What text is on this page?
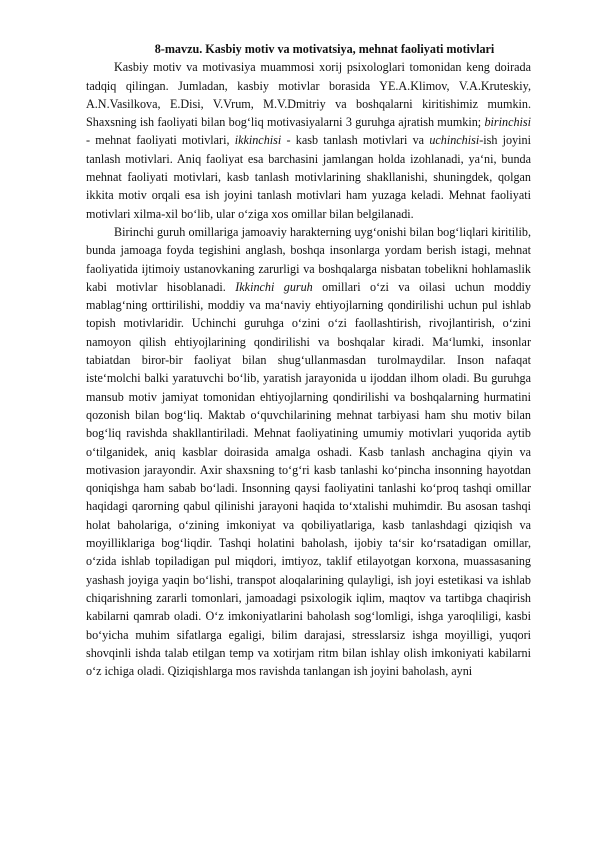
8-mavzu. Kasbiy motiv va motivatsiya, mehnat faoliyati motivlari

Kasbiy motiv va motivasiya muammosi xorij psixologlari tomonidan keng doirada tadqiq qilingan. Jumladan, kasbiy motivlar borasida YE.A.Klimov, V.A.Kruteskiy, A.N.Vasilkova, E.Disi, V.Vrum, M.V.Dmitriy va boshqalarni kiritishimiz mumkin. Shaxsning ish faoliyati bilan bog‘liq motivasiyalarni 3 guruhga ajratish mumkin; birinchisi - mehnat faoliyati motivlari, ikkinchisi - kasb tanlash motivlari va uchinchisi-ish joyini tanlash motivlari. Aniq faoliyat esa barchasini jamlangan holda izohlanadi, ya‘ni, bunda mehnat faoliyati motivlari, kasb tanlash motivlarining shakllanishi, shuningdek, qolgan ikkita motiv orqali esa ish joyini tanlash motivlari ham yuzaga keladi. Mehnat faoliyati motivlari xilma-xil bo‘lib, ular o‘ziga xos omillar bilan belgilanadi.

Birinchi guruh omillariga jamoaviy harakterning uyg‘onishi bilan bog‘liqlari kiritilib, bunda jamoaga foyda tegishini anglash, boshqa insonlarga yordam berish istagi, mehnat faoliyatida ijtimoiy ustanovkaning zarurligi va boshqalarga nisbatan tobelikni hohlamaslik kabi motivlar hisoblanadi. Ikkinchi guruh omillari o‘zi va oilasi uchun moddiy mablag‘ning orttirilishi, moddiy va ma‘naviy ehtiyojlarning qondirilishi uchun pul ishlab topish motivlaridir. Uchinchi guruhga o‘zini o‘zi faollashtirish, rivojlantirish, o‘zini namoyon qilish ehtiyojlarining qondirilishi va boshqalar kiradi. Ma‘lumki, insonlar tabiatdan biror-bir faoliyat bilan shug‘ullanmasdan turolmaydilar. Inson nafaqat iste‘molchi balki yaratuvchi bo‘lib, yaratish jarayonida u ijoddan ilhom oladi. Bu guruhga mansub motiv jamiyat tomonidan ehtiyojlarning qondirilishi va boshqalarning hurmatini qozonish bilan bog‘liq. Maktab o‘quvchilarining mehnat tarbiyasi ham shu motiv bilan bog‘liq ravishda shakllantiriladi. Mehnat faoliyatining umumiy motivlari yuqorida aytib o‘tilganidek, aniq kasblar doirasida amalga oshadi. Kasb tanlash anchagina qiyin va motivasion jarayondir. Axir shaxsning to‘g‘ri kasb tanlashi ko‘pincha insonning hayotdan qoniqishga ham sabab bo‘ladi. Insonning qaysi faoliyatini tanlashi ko‘proq tashqi omillar haqidagi qarorning qabul qilinishi jarayoni haqida to‘xtalishi muhimdir. Bu asosan tashqi holat baholariga, o‘zining imkoniyat va qobiliyatlariga, kasb tanlashdagi qiziqish va moyilliklariga bog‘liqdir. Tashqi holatini baholash, ijobiy ta‘sir ko‘rsatadigan omillar, o‘zida ishlab topiladigan pul miqdori, imtiyoz, taklif etilayotgan korxona, muassasaning yashash joyiga yaqin bo‘lishi, transpot aloqalarining qulayligi, ish joyi estetikasi va ishlab chiqarishning zararli tomonlari, jamoadagi psixologik iqlim, maqtov va tartibga chaqirish kabilarni qamrab oladi. O‘z imkoniyatlarini baholash sog‘lomligi, ishga yaroqliligi, kasbi bo‘yicha muhim sifatlarga egaligi, bilim darajasi, stresslarsiz ishga moyilligi, yuqori shovqinli ishda talab etilgan temp va xotirjam ritm bilan ishlay olish imkoniyati kabilarni o‘z ichiga oladi. Qiziqishlarga mos ravishda tanlangan ish joyini baholash, ayni
